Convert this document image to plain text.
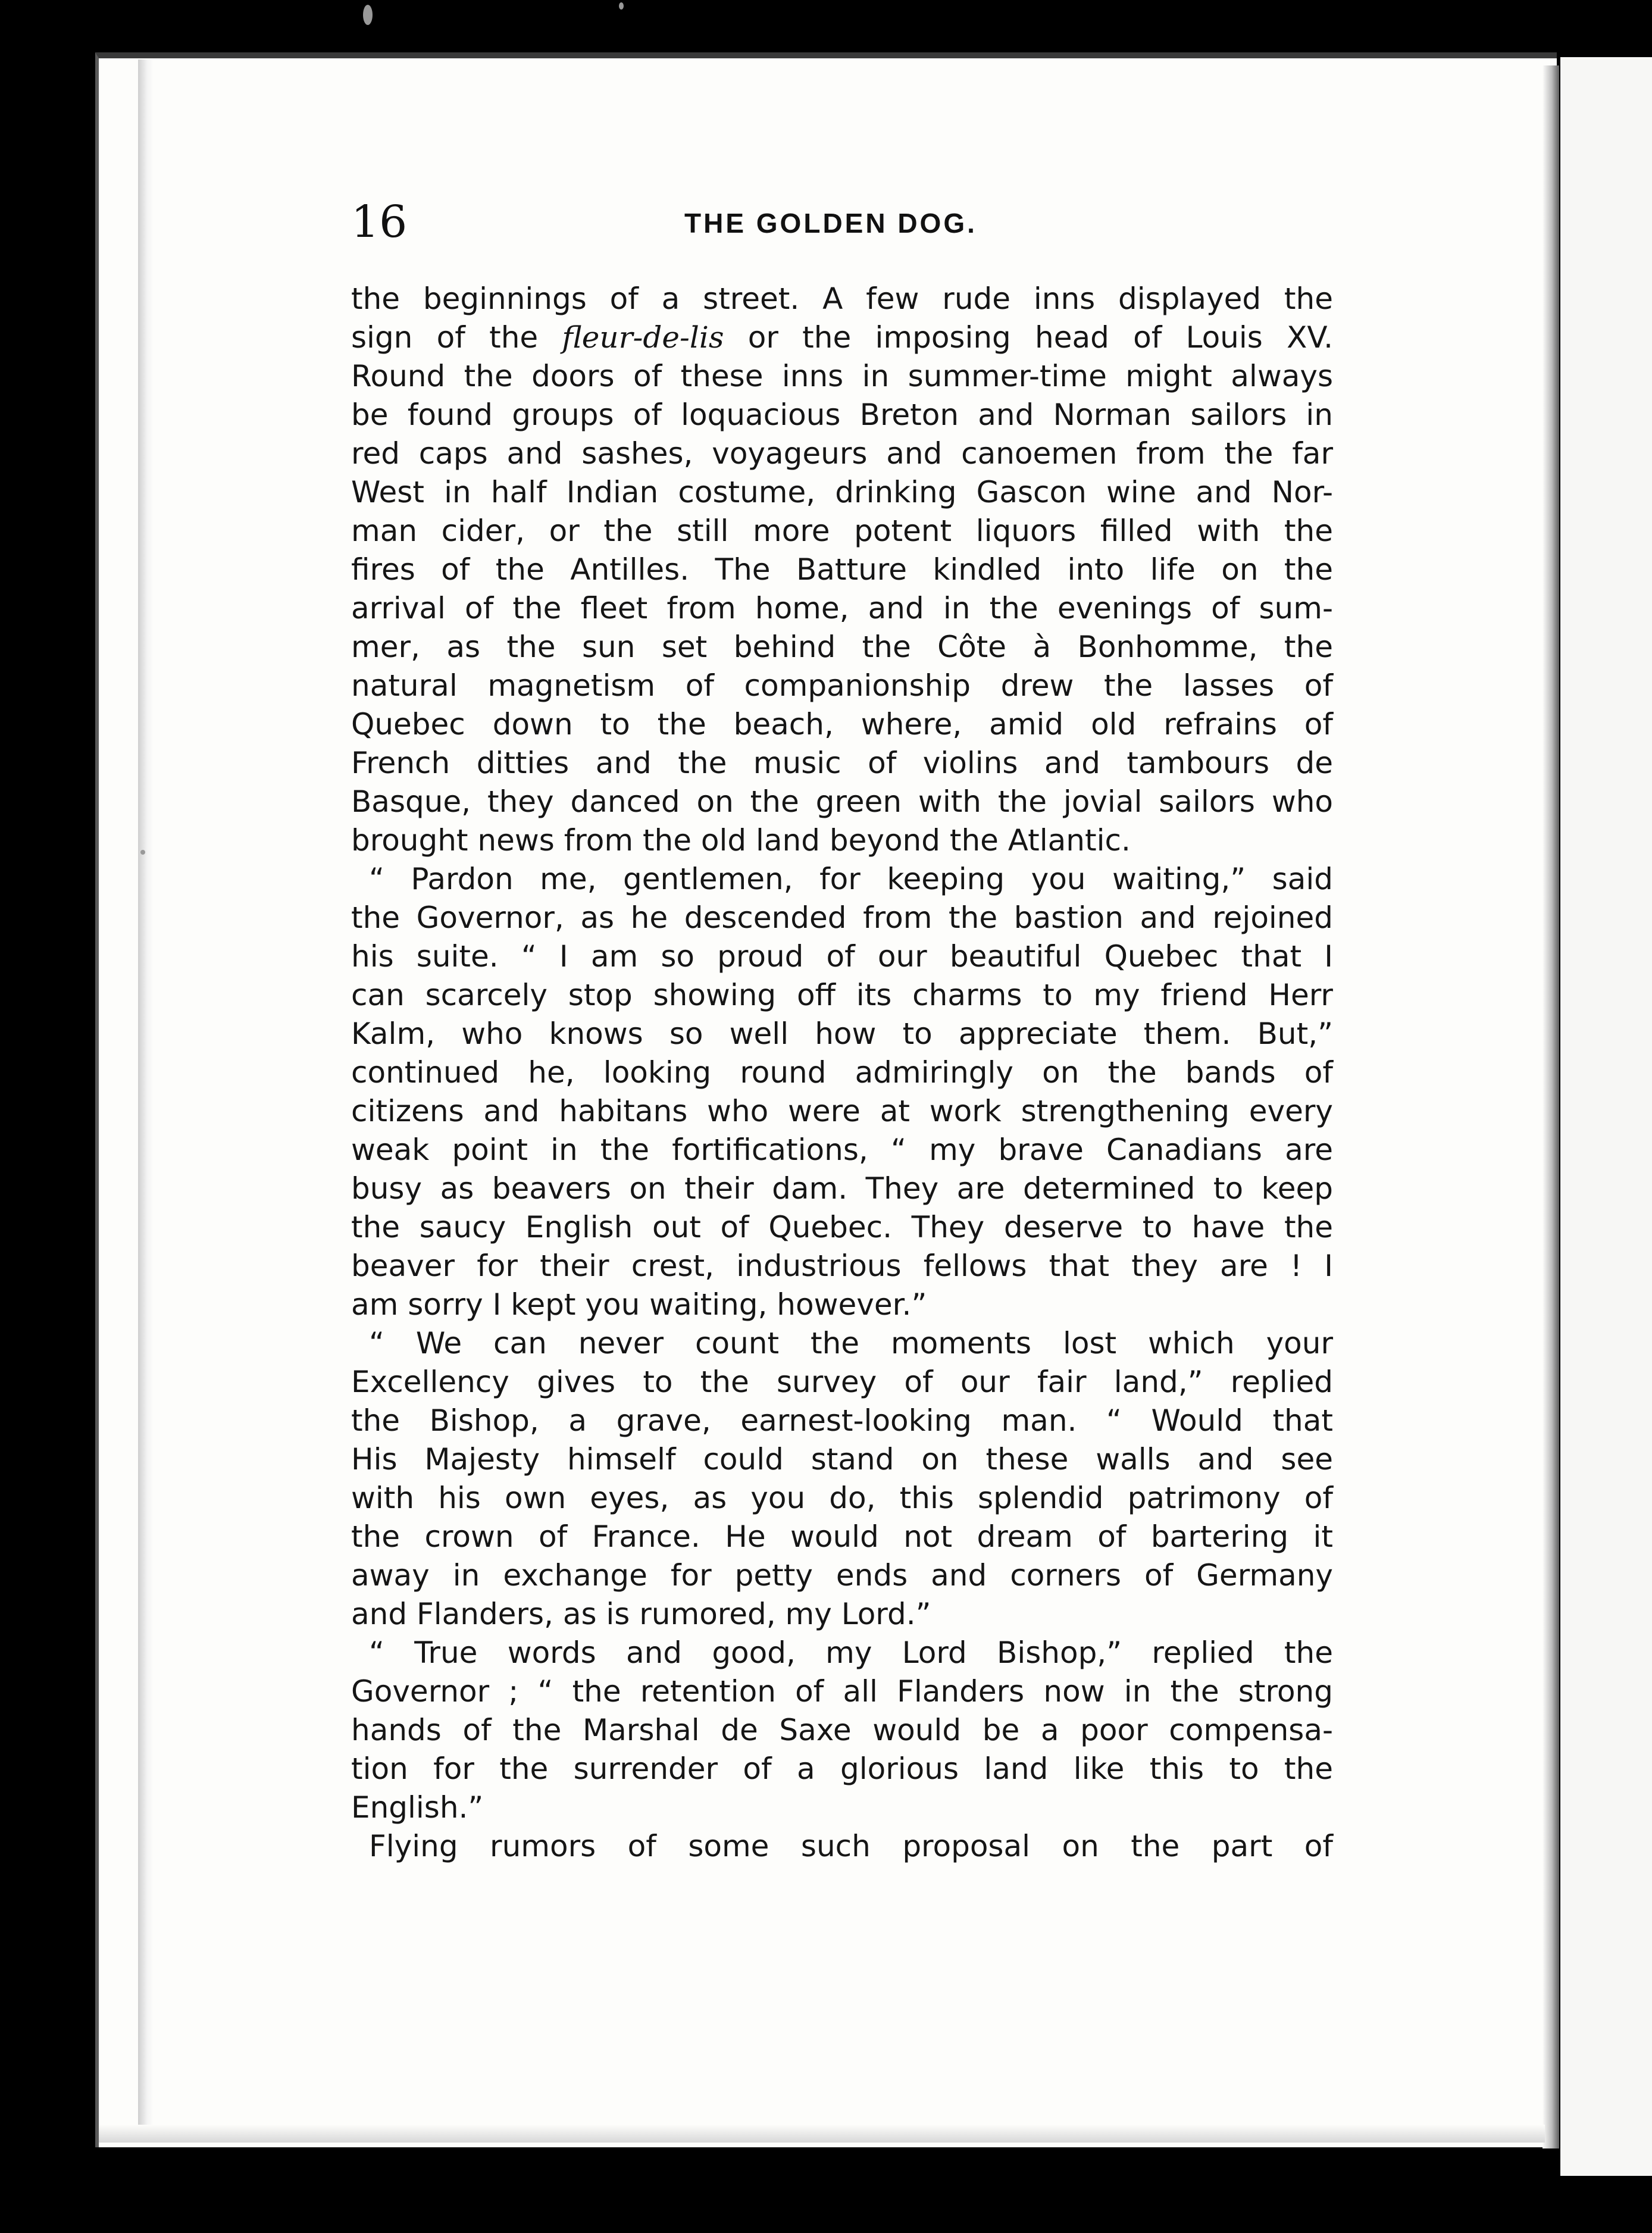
16	THE GOLDEN DOG.
the beginnings of a street. A few rude inns displayed the
sign of the fleur-de-lis or the imposing head of Louis XV.
Round the doors of these inns in summer-time might always
be found groups of loquacious Breton and Norman sailors in
red caps and sashes, voyageurs and canoemen from the far
West in half Indian costume, drinking Gascon wine and Nor-
man cider, or the still more potent liquors filled with the
fires of the Antilles. The Batture kindled into life on the
arrival of the fleet from home, and in the evenings of sum-
mer, as the sun set behind the Côte à Bonhomme, the
natural magnetism of companionship drew the lasses of
Quebec down to the beach, where, amid old refrains of
French ditties and the music of violins and tambours de
Basque, they danced on the green with the jovial sailors who
brought news from the old land beyond the Atlantic.
“ Pardon me, gentlemen, for keeping you waiting,” said
the Governor, as he descended from the bastion and rejoined
his suite. “ I am so proud of our beautiful Quebec that I
can scarcely stop showing off its charms to my friend Herr
Kalm, who knows so well how to appreciate them. But,”
continued he, looking round admiringly on the bands of
citizens and habitans who were at work strengthening every
weak point in the fortifications, “ my brave Canadians are
busy as beavers on their dam. They are determined to keep
the saucy English out of Quebec. They deserve to have the
beaver for their crest, industrious fellows that they are ! I
am sorry I kept you waiting, however.”
“ We can never count the moments lost which your
Excellency gives to the survey of our fair land,” replied
the Bishop, a grave, earnest-looking man. “ Would that
His Majesty himself could stand on these walls and see
with his own eyes, as you do, this splendid patrimony of
the crown of France. He would not dream of bartering it
away in exchange for petty ends and corners of Germany
and Flanders, as is rumored, my Lord.”
“ True words and good, my Lord Bishop,” replied the
Governor ; “ the retention of all Flanders now in the strong
hands of the Marshal de Saxe would be a poor compensa-
tion for the surrender of a glorious land like this to the
English.”
Flying rumors of some such proposal on the part of
